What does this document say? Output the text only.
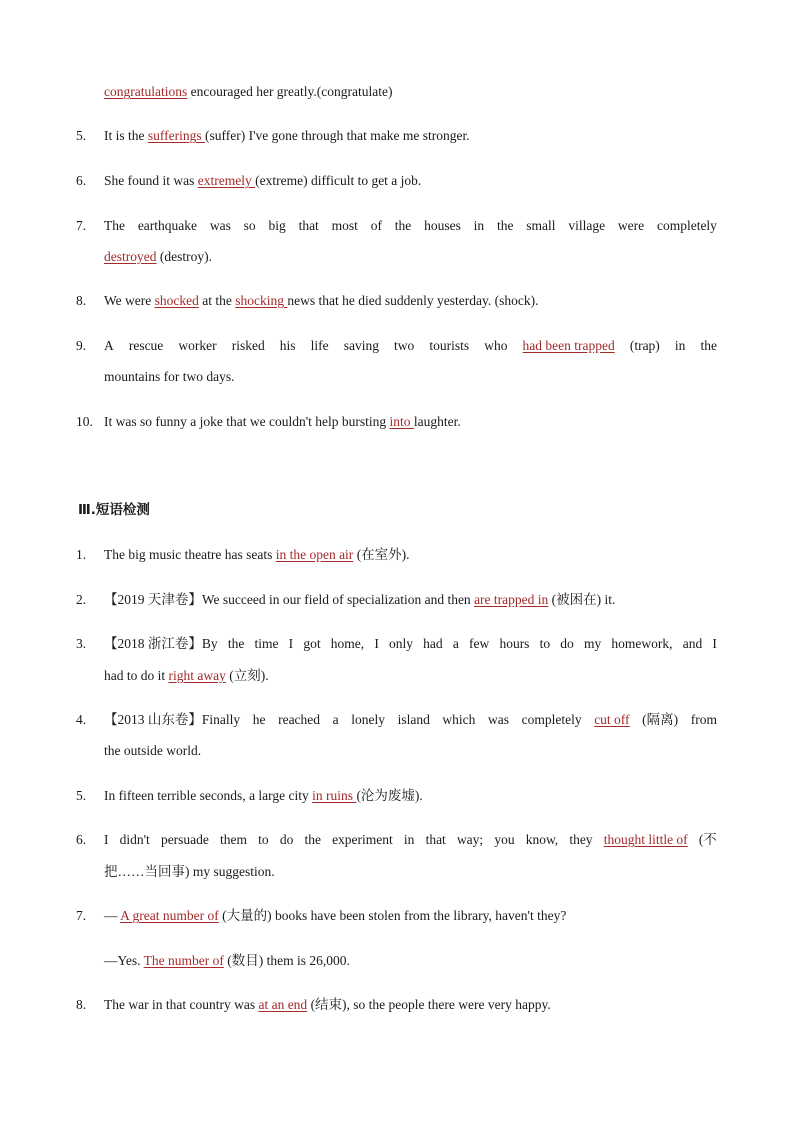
congratulations encouraged her greatly.(congratulate)
5. It is the sufferings (suffer) I've gone through that make me stronger.
6. She found it was extremely (extreme) difficult to get a job.
7. The earthquake was so big that most of the houses in the small village were completely
destroyed (destroy).
8. We were shocked at the shocking news that he died suddenly yesterday. (shock).
9. A rescue worker risked his life saving two tourists who had been trapped (trap) in the
mountains for two days.
10. It was so funny a joke that we couldn't help bursting into laughter.
Ⅲ.短语检测
1. The big music theatre has seats in the open air (在室外).
2. 【2019 天津卷】We succeed in our field of specialization and then are trapped in (被困在) it.
3. 【2018 浙江卷】By the time I got home, I only had a few hours to do my homework, and I
had to do it right away (立刻).
4. 【2013 山东卷】Finally he reached a lonely island which was completely cut off (隔离) from
the outside world.
5. In fifteen terrible seconds, a large city in ruins (沦为废墟).
6. I didn't persuade them to do the experiment in that way; you know, they thought little of (不
把……当回事) my suggestion.
7. — A great number of (大量的) books have been stolen from the library, haven't they?
—Yes. The number of (数目) them is 26,000.
8. The war in that country was at an end (结束), so the people there were very happy.
